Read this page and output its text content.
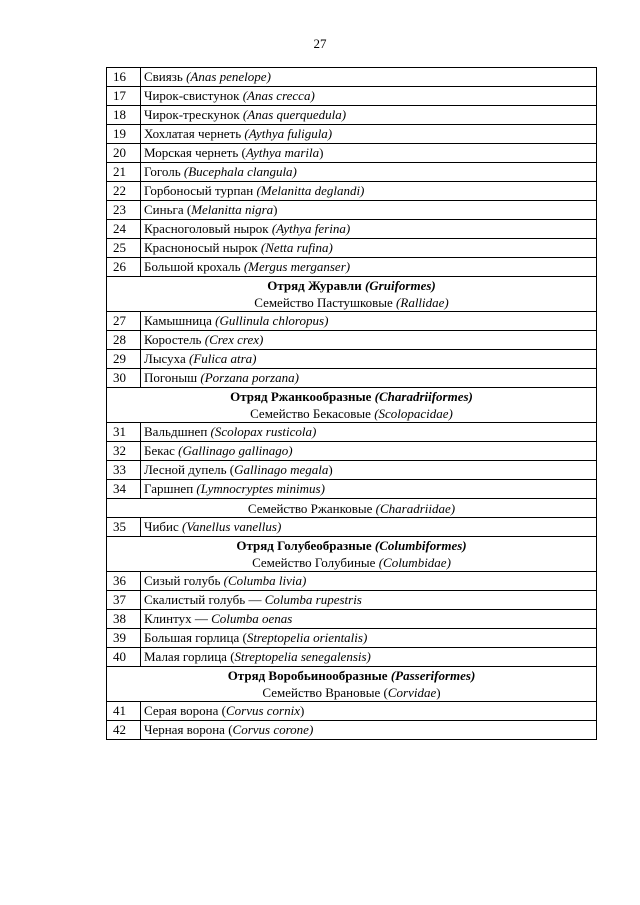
27
16	Свиязь (Anas penelope)
17	Чирок-свистунок (Anas crecca)
18	Чирок-трескунок (Anas querquedula)
19	Хохлатая чернеть (Aythya fuligula)
20	Морская чернеть (Aythya marila)
21	Гоголь (Bucephala clangula)
22	Горбоносый турпан (Melanitta deglandi)
23	Синьга (Melanitta nigra)
24	Красноголовый нырок (Aythya ferina)
25	Красноносый нырок (Netta rufina)
26	Большой крохаль (Mergus merganser)

Отряд Журавли (Gruiformes)
Семейство Пастушковые (Rallidae)	

27	Камышница (Gullinula chloropus)
28	Коростель (Crex crex)
29	Лысуха (Fulica atra)
30	Погоныш (Porzana porzana)

Отряд Ржанкообразные (Charadriiformes)
Семейство Бекасовые (Scolopacidae)	

31	Вальдшнеп (Scolopax rusticola)
32	Бекас (Gallinago gallinago)
33	Лесной дупель (Gallinago megala)
34	Гаршнеп (Lymnocryptes minimus)

Семейство Ржанковые (Charadriidae)	

35	Чибис (Vanellus vanellus)

Отряд Голубеобразные (Columbiformes)
Семейство Голубиные (Columbidae)	

36	Сизый голубь (Columba livia)
37	Скалистый голубь — Columba rupestris
38	Клинтух — Columba oenas
39	Большая горлица (Streptopelia orientalis)
40	Малая горлица (Streptopelia senegalensis)

Отряд Воробьинообразные (Passeriformes)
Семейство Врановые (Corvidae)	

41	Серая ворона (Corvus cornix)
42	Черная ворона (Corvus corone)
